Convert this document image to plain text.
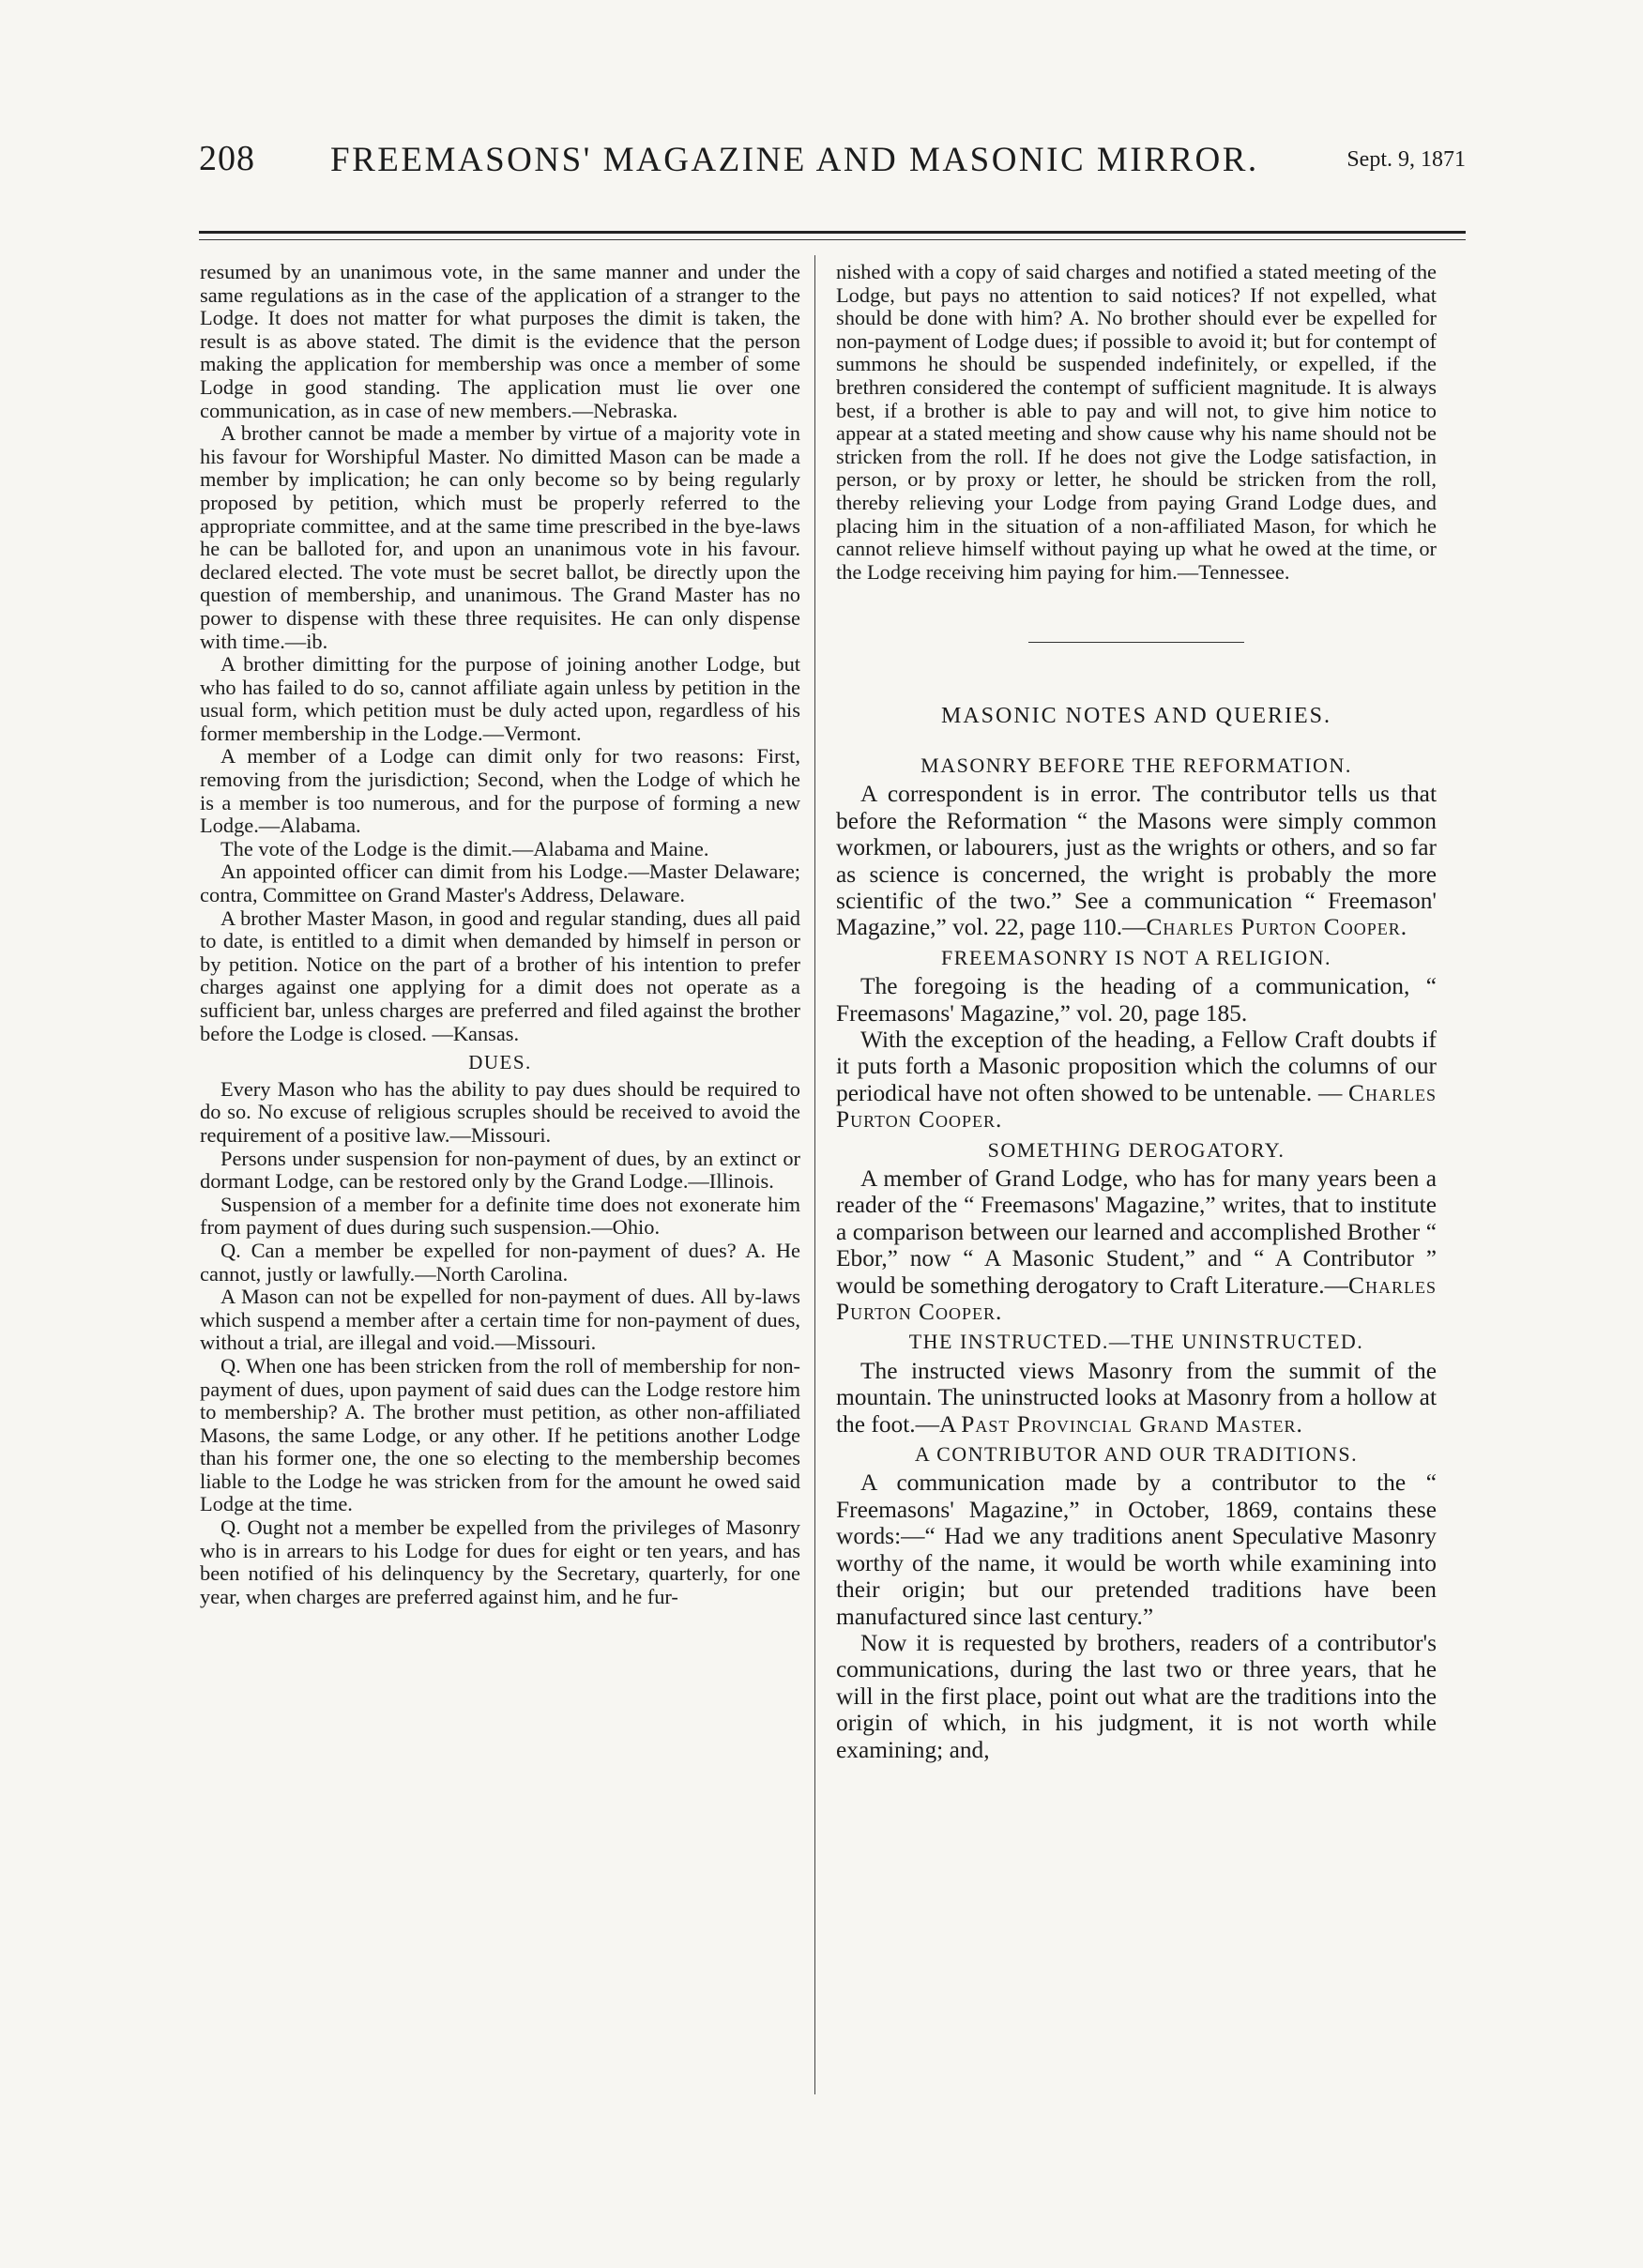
208 FREEMASONS' MAGAZINE AND MASONIC MIRROR.	Sept. 9, 1871

resumed by an unanimous vote, in the same manner and under the same regulations as in the case of the application of a stranger to the Lodge. It does not matter for what purposes the dimit is taken, the result is as above stated. The dimit is the evidence that the person making the application for membership was once a member of some Lodge in good standing. The application must lie over one communication, as in case of new members.—Nebraska.

A brother cannot be made a member by virtue of a majority vote in his favour for Worshipful Master. No dimitted Mason can be made a member by implication; he can only become so by being regularly proposed by petition, which must be properly referred to the appropriate committee, and at the same time prescribed in the bye-laws he can be balloted for, and upon an unanimous vote in his favour. declared elected. The vote must be secret ballot, be directly upon the question of membership, and unanimous. The Grand Master has no power to dispense with these three requisites. He can only dispense with time.—ib.

A brother dimitting for the purpose of joining another Lodge, but who has failed to do so, cannot affiliate again unless by petition in the usual form, which petition must be duly acted upon, regardless of his former membership in the Lodge.—Vermont.

A member of a Lodge can dimit only for two reasons: First, removing from the jurisdiction; Second, when the Lodge of which he is a member is too numerous, and for the purpose of forming a new Lodge.—Alabama.

The vote of the Lodge is the dimit.—Alabama and Maine.

An appointed officer can dimit from his Lodge.—Master Delaware; contra, Committee on Grand Master's Address, Delaware.

A brother Master Mason, in good and regular standing, dues all paid to date, is entitled to a dimit when demanded by himself in person or by petition. Notice on the part of a brother of his intention to prefer charges against one applying for a dimit does not operate as a sufficient bar, unless charges are preferred and filed against the brother before the Lodge is closed. —Kansas.

DUES.

Every Mason who has the ability to pay dues should be required to do so. No excuse of religious scruples should be received to avoid the requirement of a positive law.—Missouri.

Persons under suspension for non-payment of dues, by an extinct or dormant Lodge, can be restored only by the Grand Lodge.—Illinois.

Suspension of a member for a definite time does not exonerate him from payment of dues during such suspension.—Ohio.

Q. Can a member be expelled for non-payment of dues? A. He cannot, justly or lawfully.—North Carolina.

A Mason can not be expelled for non-payment of dues. All by-laws which suspend a member after a certain time for non-payment of dues, without a trial, are illegal and void.—Missouri.

Q. When one has been stricken from the roll of membership for non-payment of dues, upon payment of said dues can the Lodge restore him to membership? A. The brother must petition, as other non-affiliated Masons, the same Lodge, or any other. If he petitions another Lodge than his former one, the one so electing to the membership becomes liable to the Lodge he was stricken from for the amount he owed said Lodge at the time.

Q. Ought not a member be expelled from the privileges of Masonry who is in arrears to his Lodge for dues for eight or ten years, and has been notified of his delinquency by the Secretary, quarterly, for one year, when charges are preferred against him, and he fur-

nished with a copy of said charges and notified a stated meeting of the Lodge, but pays no attention to said notices? If not expelled, what should be done with him? A. No brother should ever be expelled for non-payment of Lodge dues; if possible to avoid it; but for contempt of summons he should be suspended indefinitely, or expelled, if the brethren considered the contempt of sufficient magnitude. It is always best, if a brother is able to pay and will not, to give him notice to appear at a stated meeting and show cause why his name should not be stricken from the roll. If he does not give the Lodge satisfaction, in person, or by proxy or letter, he should be stricken from the roll, thereby relieving your Lodge from paying Grand Lodge dues, and placing him in the situation of a non-affiliated Mason, for which he cannot relieve himself without paying up what he owed at the time, or the Lodge receiving him paying for him.—Tennessee.

MASONIC NOTES AND QUERIES.
MASONRY BEFORE THE REFORMATION.

A correspondent is in error. The contributor tells us that before the Reformation “ the Masons were simply common workmen, or labourers, just as the wrights or others, and so far as science is concerned, the wright is probably the more scientific of the two.” See a communication “ Freemason' Magazine,” vol. 22, page 110.—Charles Purton Cooper.

FREEMASONRY IS NOT A RELIGION.

The foregoing is the heading of a communication, “ Freemasons' Magazine,” vol. 20, page 185.

With the exception of the heading, a Fellow Craft doubts if it puts forth a Masonic proposition which the columns of our periodical have not often showed to be untenable. — Charles Purton Cooper.

SOMETHING DEROGATORY.

A member of Grand Lodge, who has for many years been a reader of the “ Freemasons' Magazine,” writes, that to institute a comparison between our learned and accomplished Brother “ Ebor,” now “ A Masonic Student,” and “ A Contributor ” would be something derogatory to Craft Literature.—Charles Purton Cooper.

THE INSTRUCTED.—THE UNINSTRUCTED.

The instructed views Masonry from the summit of the mountain. The uninstructed looks at Masonry from a hollow at the foot.—A Past Provincial Grand Master.

A CONTRIBUTOR AND OUR TRADITIONS.

A communication made by a contributor to the “ Freemasons' Magazine,” in October, 1869, contains these words:—“ Had we any traditions anent Speculative Masonry worthy of the name, it would be worth while examining into their origin; but our pretended traditions have been manufactured since last century.”

Now it is requested by brothers, readers of a contributor's communications, during the last two or three years, that he will in the first place, point out what are the traditions into the origin of which, in his judgment, it is not worth while examining; and,
